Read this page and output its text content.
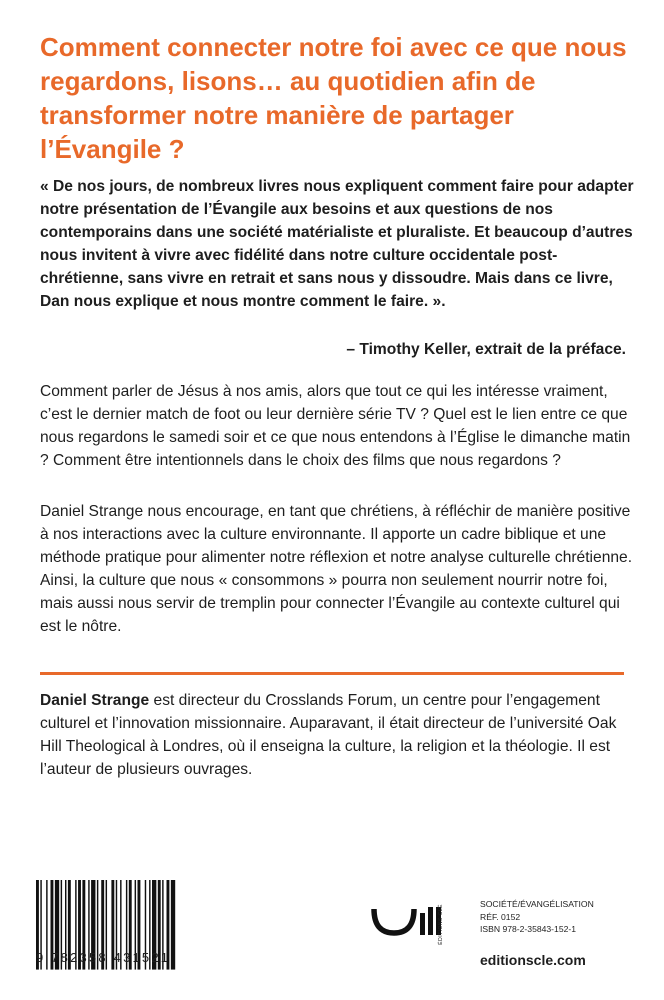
Comment connecter notre foi avec ce que nous regardons, lisons… au quotidien afin de transformer notre manière de partager l’Évangile ?

« De nos jours, de nombreux livres nous expliquent comment faire pour adapter notre présentation de l’Évangile aux besoins et aux questions de nos contemporains dans une société matérialiste et pluraliste. Et beaucoup d’autres nous invitent à vivre avec fidélité dans notre culture occidentale post-chrétienne, sans vivre en retrait et sans nous y dissoudre. Mais dans ce livre, Dan nous explique et nous montre comment le faire. ».

– Timothy Keller, extrait de la préface.

Comment parler de Jésus à nos amis, alors que tout ce qui les intéresse vraiment, c’est le dernier match de foot ou leur dernière série TV ? Quel est le lien entre ce que nous regardons le samedi soir et ce que nous entendons à l’Église le dimanche matin ? Comment être intentionnels dans le choix des films que nous regardons ?

Daniel Strange nous encourage, en tant que chrétiens, à réfléchir de manière positive à nos interactions avec la culture environnante. Il apporte un cadre biblique et une méthode pratique pour alimenter notre réflexion et notre analyse culturelle chrétienne. Ainsi, la culture que nous « consommons » pourra non seulement nourrir notre foi, mais aussi nous servir de tremplin pour connecter l’Évangile au contexte culturel qui est le nôtre.

Daniel Strange est directeur du Crosslands Forum, un centre pour l’engagement culturel et l’innovation missionnaire. Auparavant, il était directeur de l’université Oak Hill Theological à Londres, où il enseigna la culture, la religion et la théologie. Il est l’auteur de plusieurs ouvrages.

9 782358 431521
ÉDITIONS CLÉ	SOCIÉTÉ/ÉVANGÉLISATION
RÉF. 0152
ISBN 978-2-35843-152-1
editionscle.com
